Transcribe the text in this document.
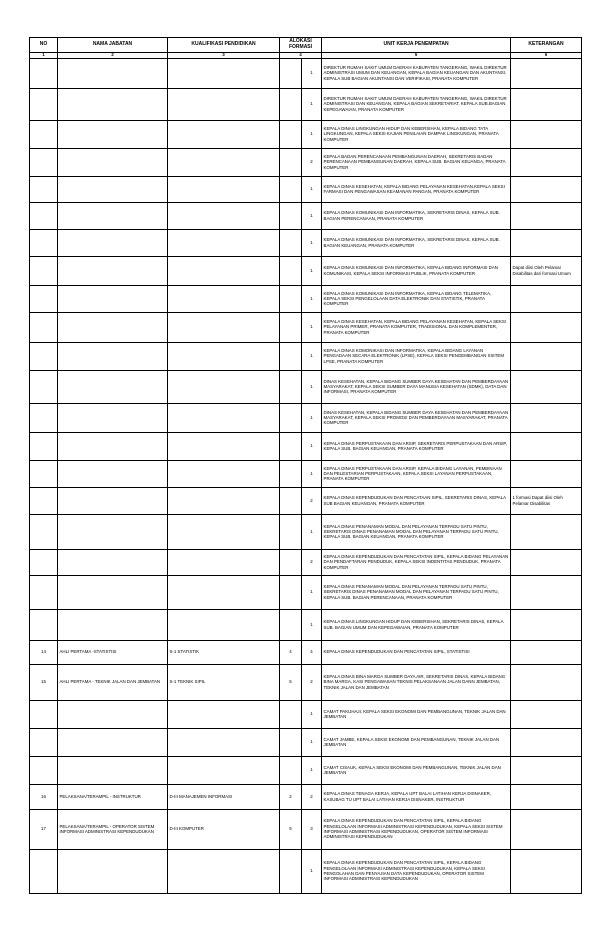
NO	NAMA JABATAN	KUALIFIKASI PENDIDIKAN	ALOKASI FORMASI		UNIT KERJA PENEMPATAN	KETERANGAN
1	2	3	4		5	6
				1	DIREKTUR RUMAH SAKIT UMUM DAERAH KABUPATEN TANGERANG, WAKIL DIREKTUR ADMINISTRASI UMUM DAN KEUANGAN, KEPALA BAGIAN KEUANGAN DAN AKUNTANSI, KEPALA SUB BAGIAN AKUNTANSI DAN VERIFIKASI, PRANATA KOMPUTER	
				1	DIREKTUR RUMAH SAKIT UMUM DAERAH KABUPATEN TANGERANG, WAKIL DIREKTUR ADMINISTRASI DAN KEUANGAN, KEPALA BAGIAN SEKRETARIAT, KEPALA SUB.BAGIAN KEPEGAWAIAN, PRANATA KOMPUTER	
				1	KEPALA DINAS LINGKUNGAN HIDUP DAN KEBERSIHAN, KEPALA BIDANG TATA LINGKUNGAN, KEPALA SEKSI KAJIAN PENILAIAN DAMPAK LINGKUNGAN, PRANATA KOMPUTER	
				2	KEPALA BADAN PERENCANAAN PEMBANGUNAN DAERAH, SEKRETARIS BADAN PERENCANAAN PEMBANGUNAN DAERAH, KEPALA SUB. BAGIAN KEUANGA, PRANATA KOMPUTER	
				1	KEPALA DINAS KESEHATAN, KEPALA BIDANG PELAYANAN KESEHATAN,KEPALA SEKSI FARMASI DAN PENGAWASAN KEAMANAN PANGAN, PRANATA KOMPUTER	
				1	KEPALA DINAS KOMUNIKASI DAN INFORMATIKA, SEKRETARIS DINAS, KEPALA SUB. BAGIAN PERENCANAAN, PRANATA KOMPUTER	
				1	KEPALA DINAS KOMUNIKASI DAN INFORMATIKA, SEKRETARIS DINAS, KEPALA SUB. BAGIAN KEUANGAN, PRANATA KOMPUTER	
				1	KEPALA DINAS KOMUNIKASI DAN INFORMATIKA, KEPALA BIDANG INFORMASI DAN KOMUNIKASI, KEPALA SEKSI INFORMASI PUBLIK, PRANATA KOMPUTER	Dapat diisi Oleh Pelamar Disabilitas dari formasi Umum
				1	KEPALA DINAS KOMUNIKASI DAN INFORMATIKA, KEPALA BIDANG TELEMATIKA, KEPALA SEKSI PENGELOLAAN DATA ELEKTRONIK DAN STATISTIK, PRANATA KOMPUTER	
				1	KEPALA DINAS KESEHATAN, KEPALA BIDANG PELAYANAN KESEHATAN, KEPALA SEKSI PELAYANAN PRIMER, PRANATA KOMPUTER, TRADISIONAL DAN KOMPLEMENTER, PRANATA KOMPUTER	
				1	KEPALA DINAS KOMONIKASI DAN INFORMATIKA, KEPALA BIDANG LAYANAN PENGADAAN SECARA ELEKTRONIK (LPSE), KEPALA SEKSI PENGEMBANGAN SISTEM LPSE, PRANATA KOMPUTER	
				1	DINAS KESEHATAN, KEPALA BIDANG SUMBER DAYA KESEHATAN DAN PEMBERDAYAAN MASYARAKAT, KEPALA SEKSI SUMBER DAYA MANUSIA KESEHATAN (SDMK), DATA DAN INFORMASI, PRANATA KOMPUTER	
				1	DINAS KESEHATAN, KEPALA BIDANG SUMBER DAYA KESEHATAN DAN PEMBERDAYAAN MASYARAKAT, KEPALA SEKSI PROMOSI DAN PEMBERDAYAAN MASYARAKAT, PRANATA KOMPUTER	
				1	KEPALA DINAS PERPUSTAKAAN DAN ARSIP, SEKRETARIS PERPUSTAKAAN DAN ARSIP, KEPALA SUB. BAGIAN KEUANGAN, PRANATA KOMPUTER	
				1	KEPALA DINAS PERPUSTAKAAN DAN ARSIP, KEPALA BIDANG LAYANAN, PEMBINAAN DAN PELESTARIAN PERPUSTAKAAN, KEPALA SEKSI LAYANAN PERPUSTAKAAN, PRANATA KOMPUTER	
				2	KEPALA DINAS KEPENDUDUKAN DAN PENCATAAN SIPIL, SEKRETARIS DINAS, KEPALA SUB BAGIAN KEUANGAN, PRANATA KOMPUTER	1 formasi Dapat diisi Oleh Pelamar Disabilitas
				1	KEPALA DINAS PENANAMAN MODAL DAN PELAYANAN TERPADU SATU PINTU, SEKRETARIS DINAS PENANAMAN MODAL DAN PELAYANAN TERPADU SATU PINTU, KEPALA SUB. BAGIAN KEUANGAN, PRANATA KOMPUTER	
				2	KEPALA DINAS KEPENDUDUKAN DAN PENCATATAN SIPIL, KEPALA BIDANG PELAYANAN DAN PENDAFTARAN PENDUDUK, KEPALA SEKSI INDENTITAS PENDUDUK, PRANATA KOMPUTER	
				1	KEPALA DINAS PENANAMAN MODAL DAN PELAYANAN TERPADU SATU PINTU, SEKRETARIS DINAS PENANAMAN MODAL DAN PELAYANAN TERPADU SATU PINTU, KEPALA SUB. BAGIAN PERENCANAAN, PRANATA KOMPUTER	
				1	KEPALA DINAS LINGKUNGAN HIDUP DAN KEBERSIHAN, SEKRETARIS DINAS, KEPALA SUB. BAGIAN UMUM DAN KEPEGAWAIAN, PRANATA KOMPUTER	
14	AHLI PERTAMA -STATISTISI	S-1 STATISTIK	4	4	KEPALA DINAS KEPENDUDUKAN DAN PENCATATAN SIPIL, STATISTISI	
15	AHLI PERTAMA - TEKNIK JALAN DAN JEMBATAN	S-1 TEKNIK SIPIL	5	2	KEPALA DINAS BINA MARGA SUMBER DAYA AIR, SEKRETARIS DINAS, KEPALA BIDANG BINA MARGA, KASI PENGAWASAN TEKNIS PELAKSANAAN JALAN DANN JEMBATAN, TEKNIK JALAN DAN JEMBATAN	
				1	CAMAT PAKUHAJI, KEPALA SEKSI EKONOMI DAN PEMBANGUNAN, TEKNIK JALAN DAN JEMBATAN	
				1	CAMAT JAMBE, KEPALA SEKSI EKONOMI DAN PEMBANGUNAN, TEKNIK JALAN DAN JEMBATAN	
				1	CAMAT CISAUK, KEPALA SEKSI EKONOMI DAN PEMBANGUNAN, TEKNIK JALAN DAN JEMBATAN	
16	PELAKSANA/TERAMPIL - INSTRUKTUR	D-III MANAJEMEN INFORMASI	2	2	KEPALA DINAS TENAGA KERJA, KEPALA UPT BALAI LATIHAN KERJA DISNAKER, KASUBAG TU UPT BALAI LATIHAN KERJA DISNAKER, INSTRUKTUR	
17	PELAKSANA/TERAMPIL - OPERATOR SISTEM INFORMASI ADMINISTRASI KEPENDUDUKAN	D-III KOMPUTER	5	3	KEPALA DINAS KEPENDUDUKAN DAN PENCATATAN SIPIL, KEPALA BIDANG PENGELOLAAN INFORMASI ADMINISTRASI KEPENDUDUKAN, KEPALA SEKSI SISTEM INFORMASI ADMINISTRASI KEPENDUDUKAN, OPERATOR SISTEM INFORMASI ADMINISTRASI KEPENDUDUKAN	
				1	KEPALA DINAS KEPENDUDUKAN DAN PENCATATAN SIPIL, KEPALA BIDANG PENGELOLAAN INFORMASI ADMINISTRASI KEPENDUDUKAN, KEPALA SEKSI PENGOLAHAN DAN PENYAJIAN DATA KEPENDUDUKAN, OPERATOR SISTEM INFORMASI ADMINISTRASI KEPENDUDUKAN	
